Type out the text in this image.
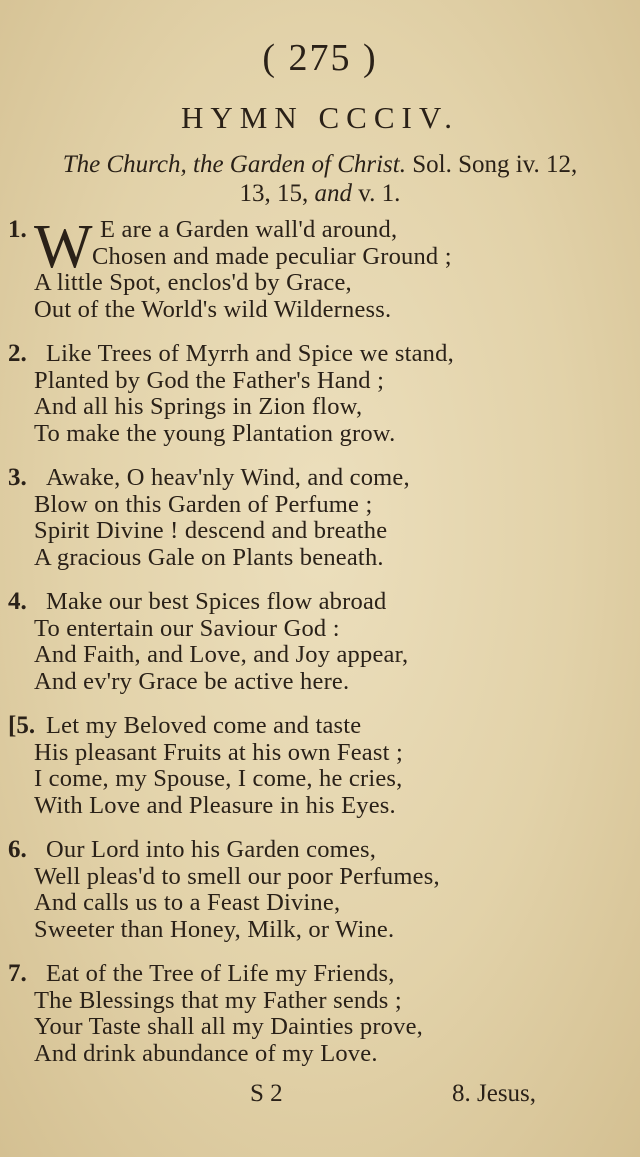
( 275 )
HYMN CCCIV.
The Church, the Garden of Christ. Sol. Song iv. 12,
13, 15, and v. 1.
1. W E are a Garden wall'd around,
Chosen and made peculiar Ground ;
A little Spot, enclos'd by Grace,
Out of the World's wild Wilderness.
2. Like Trees of Myrrh and Spice we stand,
Planted by God the Father's Hand ;
And all his Springs in Zion flow,
To make the young Plantation grow.
3. Awake, O heav'nly Wind, and come,
Blow on this Garden of Perfume ;
Spirit Divine ! descend and breathe
A gracious Gale on Plants beneath.
4. Make our best Spices flow abroad
To entertain our Saviour God :
And Faith, and Love, and Joy appear,
And ev'ry Grace be active here.
[5. Let my Beloved come and taste
His pleasant Fruits at his own Feast ;
I come, my Spouse, I come, he cries,
With Love and Pleasure in his Eyes.
6. Our Lord into his Garden comes,
Well pleas'd to smell our poor Perfumes,
And calls us to a Feast Divine,
Sweeter than Honey, Milk, or Wine.
7. Eat of the Tree of Life my Friends,
The Blessings that my Father sends ;
Your Taste shall all my Dainties prove,
And drink abundance of my Love.
S 2	8. Jesus,
